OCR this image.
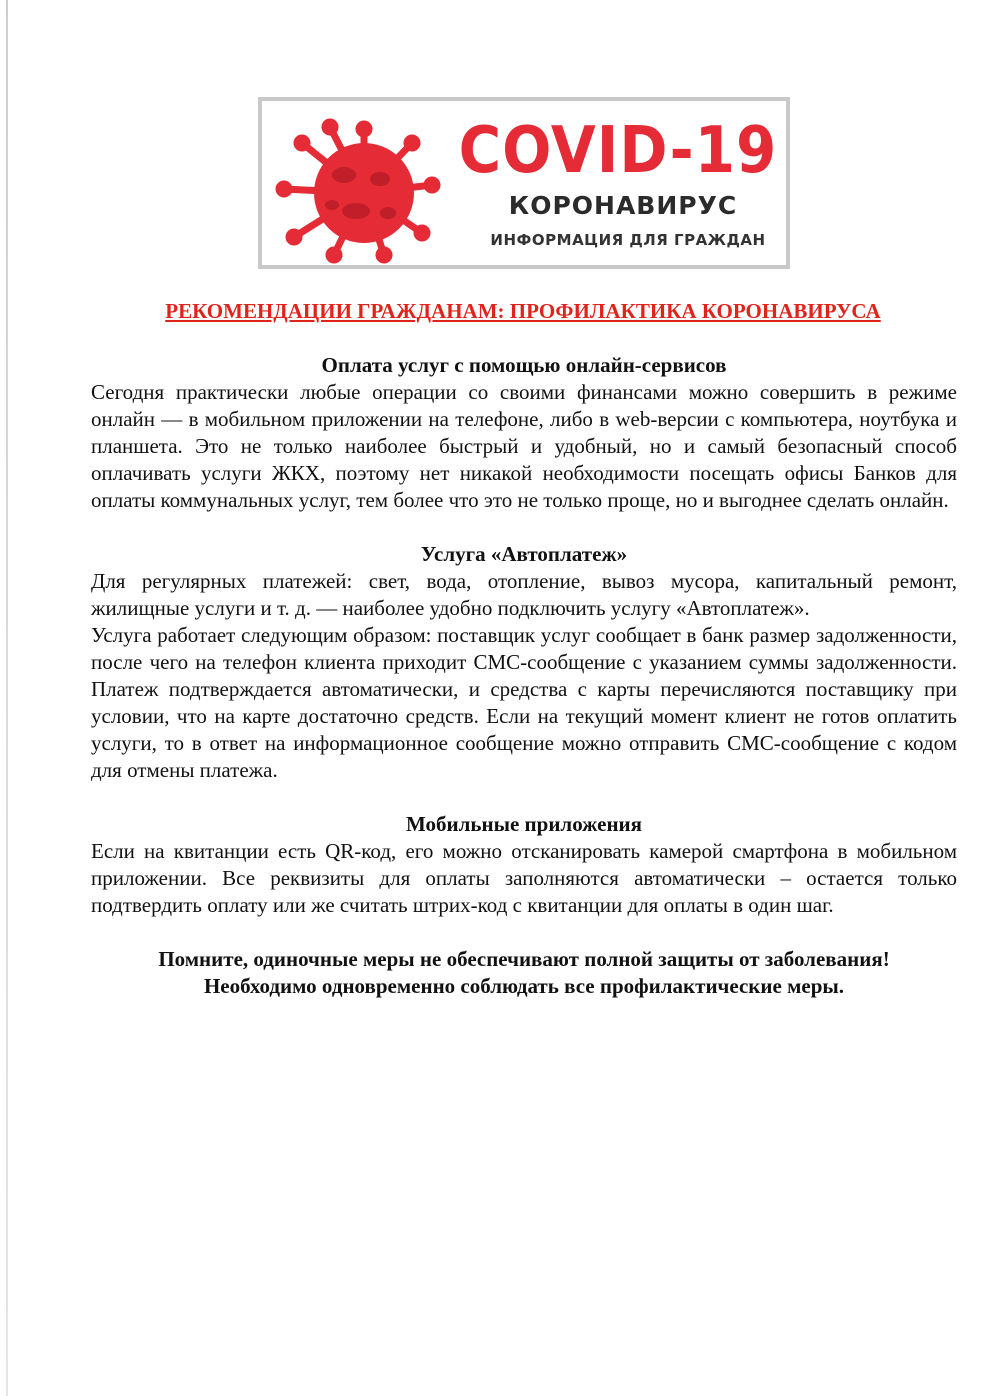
COVID-19
КОРОНАВИРУС
ИНФОРМАЦИЯ ДЛЯ ГРАЖДАН
РЕКОМЕНДАЦИИ ГРАЖДАНАМ: ПРОФИЛАКТИКА КОРОНАВИРУСА

Оплата услуг с помощью онлайн-сервисов

Сегодня практически любые операции со своими финансами можно совершить в режиме онлайн — в мобильном приложении на телефоне, либо в web-версии с компьютера, ноутбука и планшета. Это не только наиболее быстрый и удобный, но и самый безопасный способ оплачивать услуги ЖКХ, поэтому нет никакой необходимости посещать офисы Банков для оплаты коммунальных услуг, тем более что это не только проще, но и выгоднее сделать онлайн.

Услуга «Автоплатеж»

Для регулярных платежей: свет, вода, отопление, вывоз мусора, капитальный ремонт, жилищные услуги и т. д. — наиболее удобно подключить услугу «Автоплатеж».

Услуга работает следующим образом: поставщик услуг сообщает в банк размер задолженности, после чего на телефон клиента приходит СМС-сообщение с указанием суммы задолженности. Платеж подтверждается автоматически, и средства с карты перечисляются поставщику при условии, что на карте достаточно средств. Если на текущий момент клиент не готов оплатить услуги, то в ответ на информационное сообщение можно отправить СМС-сообщение с кодом для отмены платежа.

Мобильные приложения

Если на квитанции есть QR-код, его можно отсканировать камерой смартфона в мобильном приложении. Все реквизиты для оплаты заполняются автоматически – остается только подтвердить оплату или же считать штрих-код с квитанции для оплаты в один шаг.

Помните, одиночные меры не обеспечивают полной защиты от заболевания!

Необходимо одновременно соблюдать все профилактические меры.
